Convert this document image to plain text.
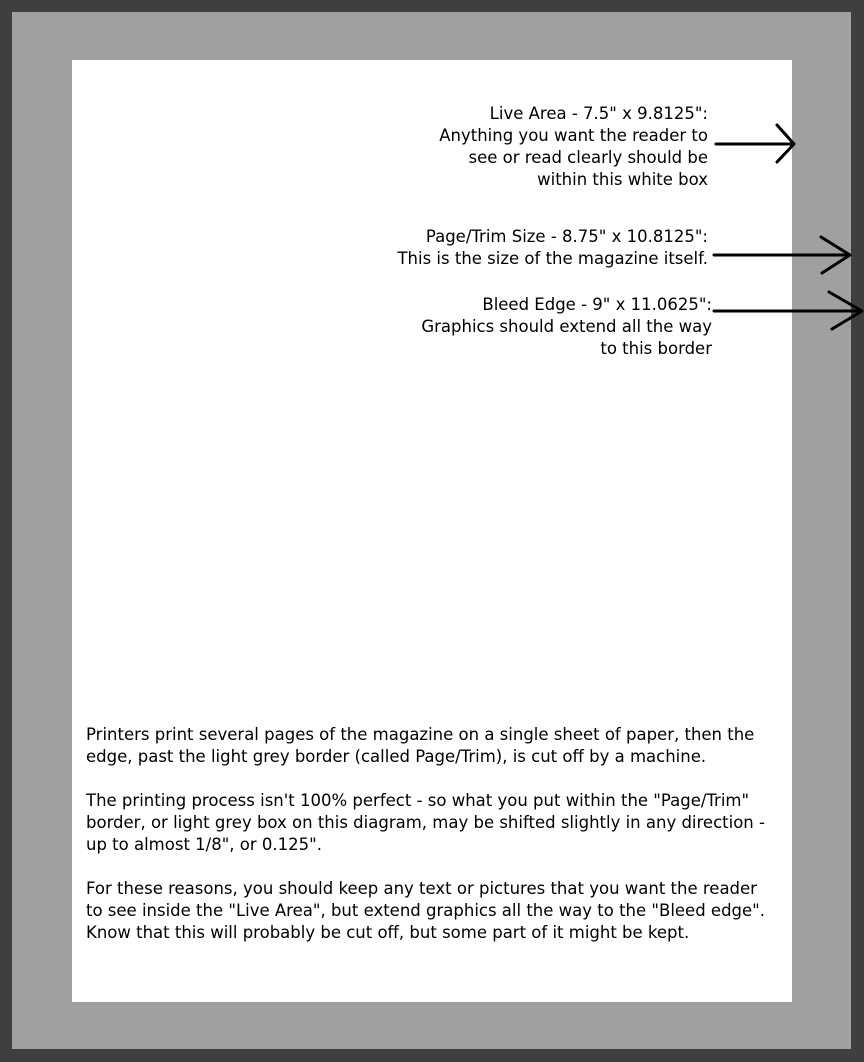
Live Area - 7.5" x 9.8125":
Anything you want the reader to
see or read clearly should be
within this white box
Page/Trim Size - 8.75" x 10.8125":
This is the size of the magazine itself.
Bleed Edge - 9" x 11.0625":
Graphics should extend all the way
to this border

Printers print several pages of the magazine on a single sheet of paper, then the edge, past the light grey border (called Page/Trim), is cut off by a machine.

The printing process isn't 100% perfect - so what you put within the "Page/Trim" border, or light grey box on this diagram, may be shifted slightly in any direction - up to almost 1/8", or 0.125".

For these reasons, you should keep any text or pictures that you want the reader to see inside the "Live Area", but extend graphics all the way to the "Bleed edge". Know that this will probably be cut off, but some part of it might be kept.
